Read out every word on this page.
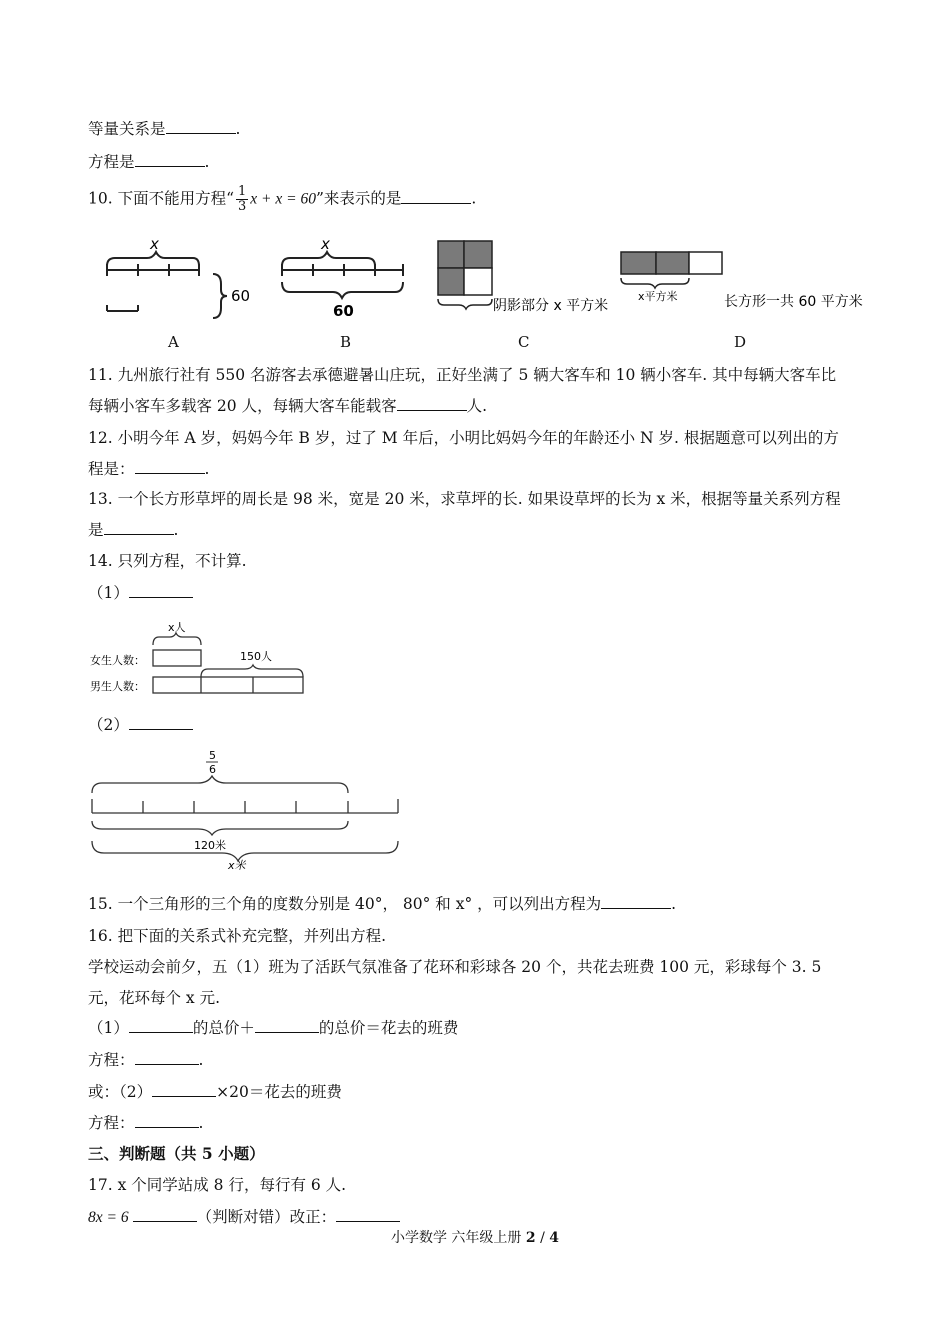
等量关系是	.
方程是	.
10. 下面不能用方程“ $\frac{1}{3}$ x + x = 60”来表示的是	.
x
60
x
60	阴影部分 x 平方米
x平方米	长方形一共 60 平方米
A	B	C	D
11. 九州旅行社有 550 名游客去承德避暑山庄玩，正好坐满了 5 辆大客车和 10 辆小客车. 其中每辆大客车比
每辆小客车多载客 20 人，每辆大客车能载客	人.
12. 小明今年 A 岁，妈妈今年 B 岁，过了 M 年后，小明比妈妈今年的年龄还小 N 岁. 根据题意可以列出的方
程是：	.
13. 一个长方形草坪的周长是 98 米，宽是 20 米，求草坪的长. 如果设草坪的长为 x 米，根据等量关系列方程
是	.
14. 只列方程，不计算.
（1）
x人
女生人数：	150人
男生人数：
（2）
5
6
120米
x米
15. 一个三角形的三个角的度数分别是 40°， 80° 和 x° ，可以列出方程为	.
16. 把下面的关系式补充完整，并列出方程.
学校运动会前夕，五（1）班为了活跃气氛准备了花环和彩球各 20 个，共花去班费 100 元，彩球每个 3. 5
元，花环每个 x 元.
（1）	的总价＋	的总价＝花去的班费
方程：	.
或：（2）	×20＝花去的班费
方程：	.
三、判断题（共 5 小题）
17. x 个同学站成 8 行，每行有 6 人.
8x = 6	（判断对错）改正：
小学数学 六年级上册 2 / 4
